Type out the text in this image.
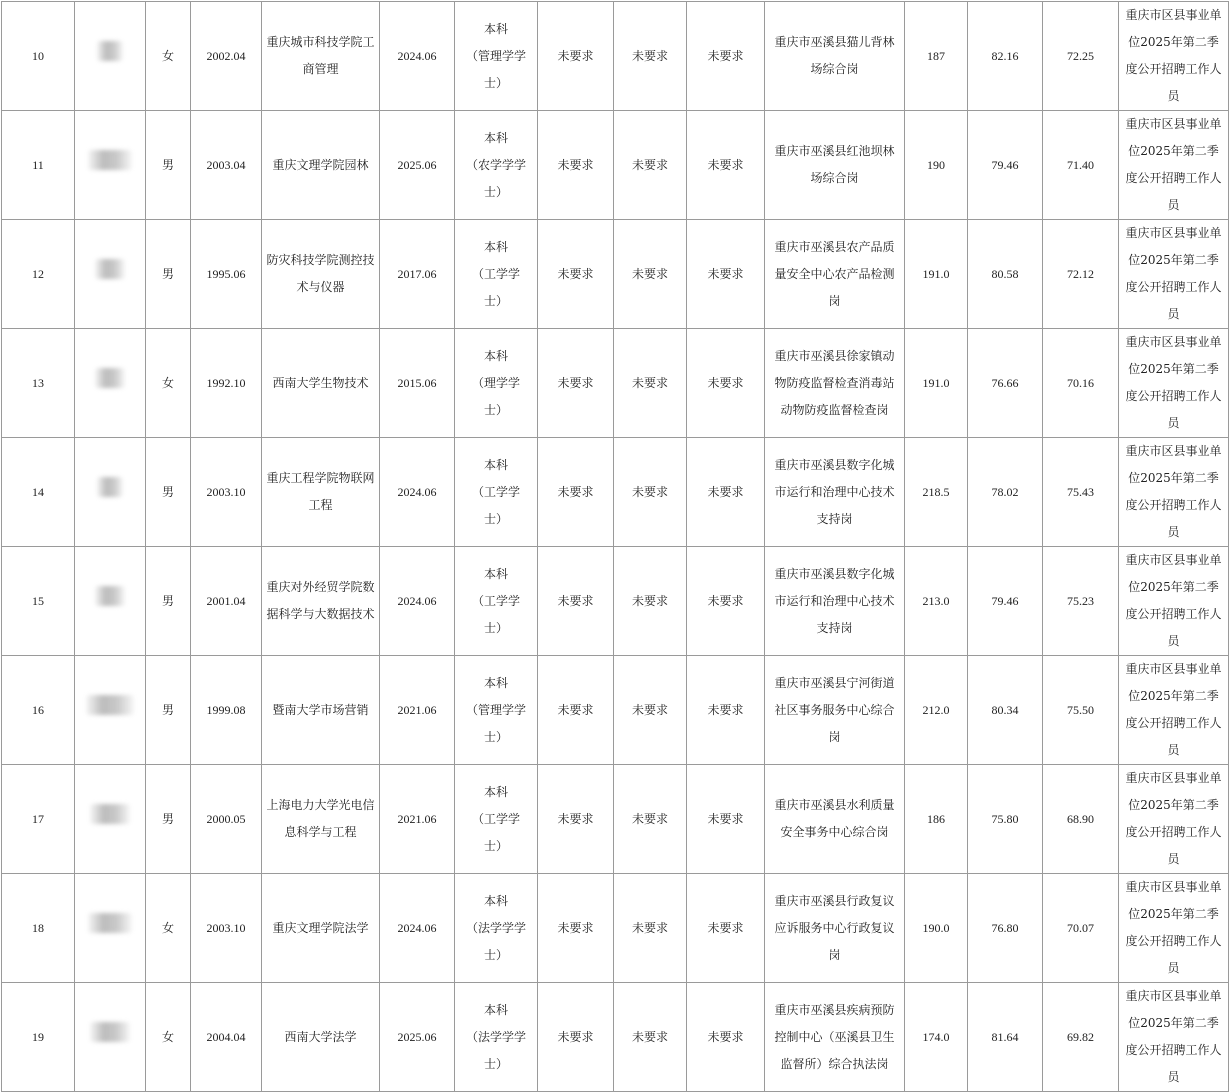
10		女	2002.04	重庆城市科技学院工商管理	2024.06	本科
（管理学学
士）	未要求	未要求	未要求	重庆市巫溪县猫儿背林场综合岗	187	82.16	72.25	重庆市区县事业单位2025年第二季度公开招聘工作人员

11		男	2003.04	重庆文理学院园林	2025.06	本科
（农学学学
士）	未要求	未要求	未要求	重庆市巫溪县红池坝林场综合岗	190	79.46	71.40	重庆市区县事业单位2025年第二季度公开招聘工作人员

12		男	1995.06	防灾科技学院测控技术与仪器	2017.06	本科
（工学学
士）	未要求	未要求	未要求	重庆市巫溪县农产品质量安全中心农产品检测岗	191.0	80.58	72.12	重庆市区县事业单位2025年第二季度公开招聘工作人员

13		女	1992.10	西南大学生物技术	2015.06	本科
（理学学
士）	未要求	未要求	未要求	重庆市巫溪县徐家镇动物防疫监督检查消毒站动物防疫监督检查岗	191.0	76.66	70.16	重庆市区县事业单位2025年第二季度公开招聘工作人员

14		男	2003.10	重庆工程学院物联网工程	2024.06	本科
（工学学
士）	未要求	未要求	未要求	重庆市巫溪县数字化城市运行和治理中心技术支持岗	218.5	78.02	75.43	重庆市区县事业单位2025年第二季度公开招聘工作人员

15		男	2001.04	重庆对外经贸学院数据科学与大数据技术	2024.06	本科
（工学学
士）	未要求	未要求	未要求	重庆市巫溪县数字化城市运行和治理中心技术支持岗	213.0	79.46	75.23	重庆市区县事业单位2025年第二季度公开招聘工作人员

16		男	1999.08	暨南大学市场营销	2021.06	本科
（管理学学
士）	未要求	未要求	未要求	重庆市巫溪县宁河街道社区事务服务中心综合岗	212.0	80.34	75.50	重庆市区县事业单位2025年第二季度公开招聘工作人员

17		男	2000.05	上海电力大学光电信息科学与工程	2021.06	本科
（工学学
士）	未要求	未要求	未要求	重庆市巫溪县水利质量安全事务中心综合岗	186	75.80	68.90	重庆市区县事业单位2025年第二季度公开招聘工作人员

18		女	2003.10	重庆文理学院法学	2024.06	本科
（法学学学
士）	未要求	未要求	未要求	重庆市巫溪县行政复议应诉服务中心行政复议岗	190.0	76.80	70.07	重庆市区县事业单位2025年第二季度公开招聘工作人员

19		女	2004.04	西南大学法学	2025.06	本科
（法学学学
士）	未要求	未要求	未要求	重庆市巫溪县疾病预防控制中心（巫溪县卫生监督所）综合执法岗	174.0	81.64	69.82	重庆市区县事业单位2025年第二季度公开招聘工作人员
